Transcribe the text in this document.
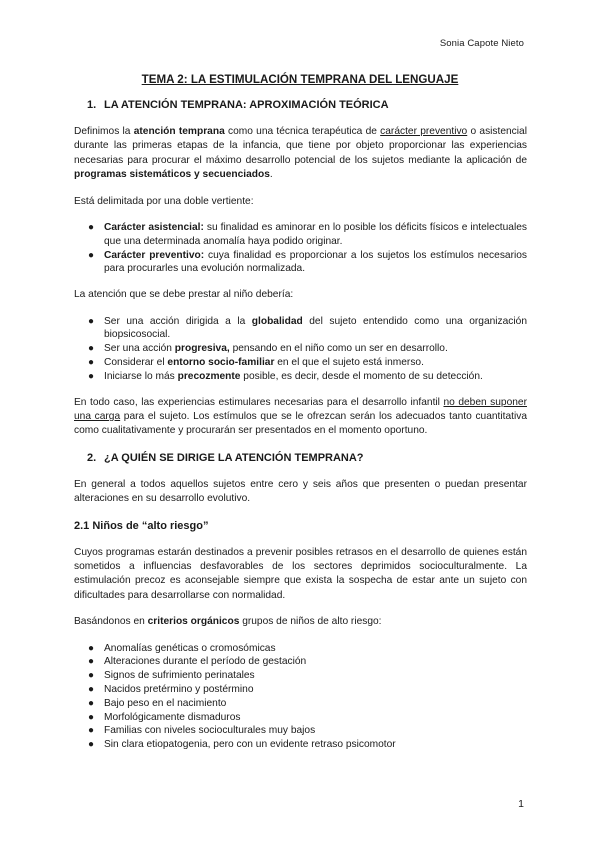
Sonia Capote Nieto
TEMA 2: LA ESTIMULACIÓN TEMPRANA DEL LENGUAJE
1. LA ATENCIÓN TEMPRANA: APROXIMACIÓN TEÓRICA

Definimos la atención temprana como una técnica terapéutica de carácter preventivo o asistencial durante las primeras etapas de la infancia, que tiene por objeto proporcionar las experiencias necesarias para procurar el máximo desarrollo potencial de los sujetos mediante la aplicación de programas sistemáticos y secuenciados.

Está delimitada por una doble vertiente:

● Carácter asistencial: su finalidad es aminorar en lo posible los déficits físicos e intelectuales que una determinada anomalía haya podido originar.
● Carácter preventivo: cuya finalidad es proporcionar a los sujetos los estímulos necesarios para procurarles una evolución normalizada.

La atención que se debe prestar al niño debería:

● Ser una acción dirigida a la globalidad del sujeto entendido como una organización biopsicosocial.
● Ser una acción progresiva, pensando en el niño como un ser en desarrollo.
● Considerar el entorno socio-familiar en el que el sujeto está inmerso.
● Iniciarse lo más precozmente posible, es decir, desde el momento de su detección.

En todo caso, las experiencias estimulares necesarias para el desarrollo infantil no deben suponer una carga para el sujeto. Los estímulos que se le ofrezcan serán los adecuados tanto cuantitativa como cualitativamente y procurarán ser presentados en el momento oportuno.

2. ¿A QUIÉN SE DIRIGE LA ATENCIÓN TEMPRANA?

En general a todos aquellos sujetos entre cero y seis años que presenten o puedan presentar alteraciones en su desarrollo evolutivo.

2.1 Niños de “alto riesgo”

Cuyos programas estarán destinados a prevenir posibles retrasos en el desarrollo de quienes están sometidos a influencias desfavorables de los sectores deprimidos socioculturalmente. La estimulación precoz es aconsejable siempre que exista la sospecha de estar ante un sujeto con dificultades para desarrollarse con normalidad.

Basándonos en criterios orgánicos grupos de niños de alto riesgo:

● Anomalías genéticas o cromosómicas
● Alteraciones durante el período de gestación
● Signos de sufrimiento perinatales
● Nacidos pretérmino y postérmino
● Bajo peso en el nacimiento
● Morfológicamente dismaduros
● Familias con niveles socioculturales muy bajos
● Sin clara etiopatogenia, pero con un evidente retraso psicomotor
1
